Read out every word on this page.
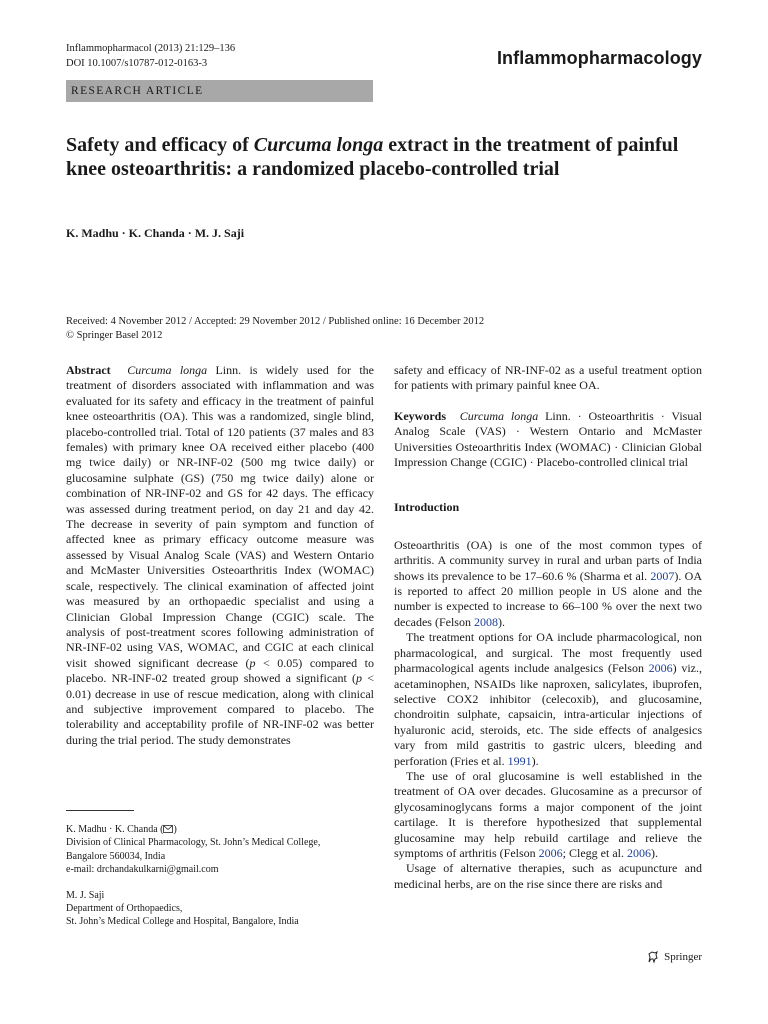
Inflammopharmacol (2013) 21:129–136
DOI 10.1007/s10787-012-0163-3	Inflammopharmacology
RESEARCH ARTICLE
Safety and efficacy of Curcuma longa extract in the treatment of painful knee osteoarthritis: a randomized placebo-controlled trial
K. Madhu · K. Chanda · M. J. Saji
Received: 4 November 2012 / Accepted: 29 November 2012 / Published online: 16 December 2012
© Springer Basel 2012

Abstract Curcuma longa Linn. is widely used for the treatment of disorders associated with inflammation and was evaluated for its safety and efficacy in the treatment of painful knee osteoarthritis (OA). This was a randomized, single blind, placebo-controlled trial. Total of 120 patients (37 males and 83 females) with primary knee OA received either placebo (400 mg twice daily) or NR-INF-02 (500 mg twice daily) or glucosamine sulphate (GS) (750 mg twice daily) alone or combination of NR-INF-02 and GS for 42 days. The efficacy was assessed during treatment period, on day 21 and day 42. The decrease in severity of pain symptom and function of affected knee as primary efficacy outcome measure was assessed by Visual Analog Scale (VAS) and Western Ontario and McMaster Universities Osteoarthritis Index (WOMAC) scale, respectively. The clinical examination of affected joint was measured by an orthopaedic specialist and using a Clinician Global Impression Change (CGIC) scale. The analysis of post-treatment scores following administration of NR-INF-02 using VAS, WOMAC, and CGIC at each clinical visit showed significant decrease (p < 0.05) compared to placebo. NR-INF-02 treated group showed a significant (p < 0.01) decrease in use of rescue medication, along with clinical and subjective improvement compared to placebo. The tolerability and acceptability profile of NR-INF-02 was better during the trial period. The study demonstrates

K. Madhu · K. Chanda ( )

Division of Clinical Pharmacology, St. John’s Medical College,

Bangalore 560034, India

e-mail: drchandakulkarni@gmail.com

M. J. Saji

Department of Orthopaedics,

St. John’s Medical College and Hospital, Bangalore, India

safety and efficacy of NR-INF-02 as a useful treatment option for patients with primary painful knee OA.

Keywords Curcuma longa Linn. · Osteoarthritis · Visual Analog Scale (VAS) · Western Ontario and McMaster Universities Osteoarthritis Index (WOMAC) · Clinician Global Impression Change (CGIC) · Placebo-controlled clinical trial

Introduction

Osteoarthritis (OA) is one of the most common types of arthritis. A community survey in rural and urban parts of India shows its prevalence to be 17–60.6 % (Sharma et al. 2007). OA is reported to affect 20 million people in US alone and the number is expected to increase to 66–100 % over the next two decades (Felson 2008).

The treatment options for OA include pharmacological, non pharmacological, and surgical. The most frequently used pharmacological agents include analgesics (Felson 2006) viz., acetaminophen, NSAIDs like naproxen, salicylates, ibuprofen, selective COX2 inhibitor (celecoxib), and glucosamine, chondroitin sulphate, capsaicin, intra-articular injections of hyaluronic acid, steroids, etc. The side effects of analgesics vary from mild gastritis to gastric ulcers, bleeding and perforation (Fries et al. 1991).

The use of oral glucosamine is well established in the treatment of OA over decades. Glucosamine as a precursor of glycosaminoglycans forms a major component of the joint cartilage. It is therefore hypothesized that supplemental glucosamine may help rebuild cartilage and relieve the symptoms of arthritis (Felson 2006; Clegg et al. 2006).

Usage of alternative therapies, such as acupuncture and medicinal herbs, are on the rise since there are risks and

Springer
